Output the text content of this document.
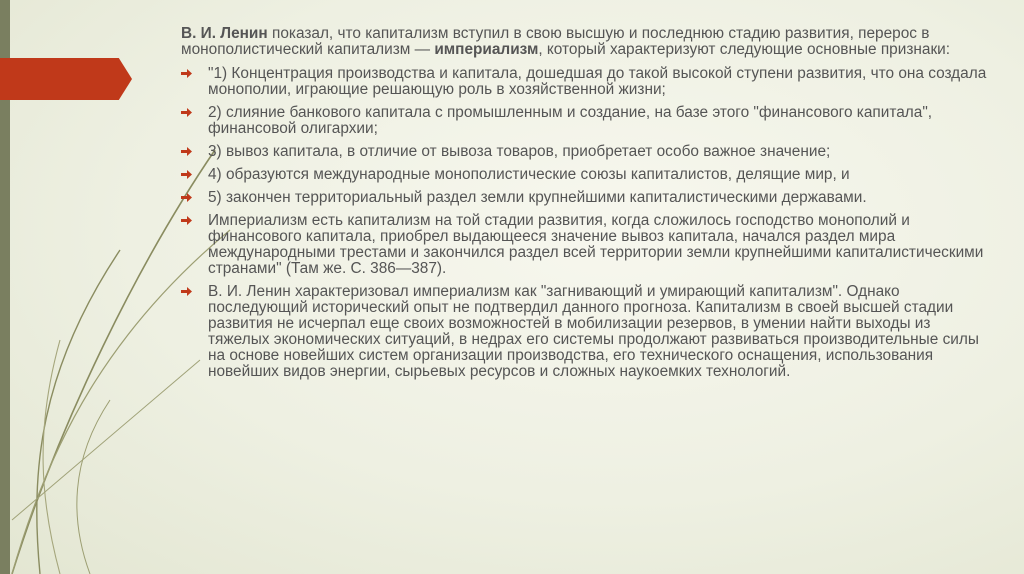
В. И. Ленин показал, что капитализм вступил в свою высшую и последнюю стадию развития, перерос в монополистический капитализм — империализм, который характеризуют следующие основные признаки:

"1) Концентрация производства и капитала, дошедшая до такой высокой ступени развития, что она создала монополии, играющие решающую роль в хозяйственной жизни;
2) слияние банкового капитала с промышленным и создание, на базе этого "финансового капитала", финансовой олигархии;
3) вывоз капитала, в отличие от вывоза товаров, приобретает особо важное значение;
4) образуются международные монополистические союзы капиталистов, делящие мир, и
5) закончен территориальный раздел земли крупнейшими капиталистическими державами.
Империализм есть капитализм на той стадии развития, когда сложилось господство монополий и финансового капитала, приобрел выдающееся значение вывоз капитала, начался раздел мира международными трестами и закончился раздел всей территории земли крупнейшими капиталистическими странами" (Там же. С. 386—387).
В. И. Ленин характеризовал империализм как "загнивающий и умирающий капитализм". Однако последующий исторический опыт не подтвердил данного прогноза. Капитализм в своей высшей стадии развития не исчерпал еще своих возможностей в мобилизации резервов, в умении найти выходы из тяжелых экономических ситуаций, в недрах его системы продолжают развиваться производительные силы на основе новейших систем организации производства, его технического оснащения, использования новейших видов энергии, сырьевых ресурсов и сложных наукоемких технологий.
